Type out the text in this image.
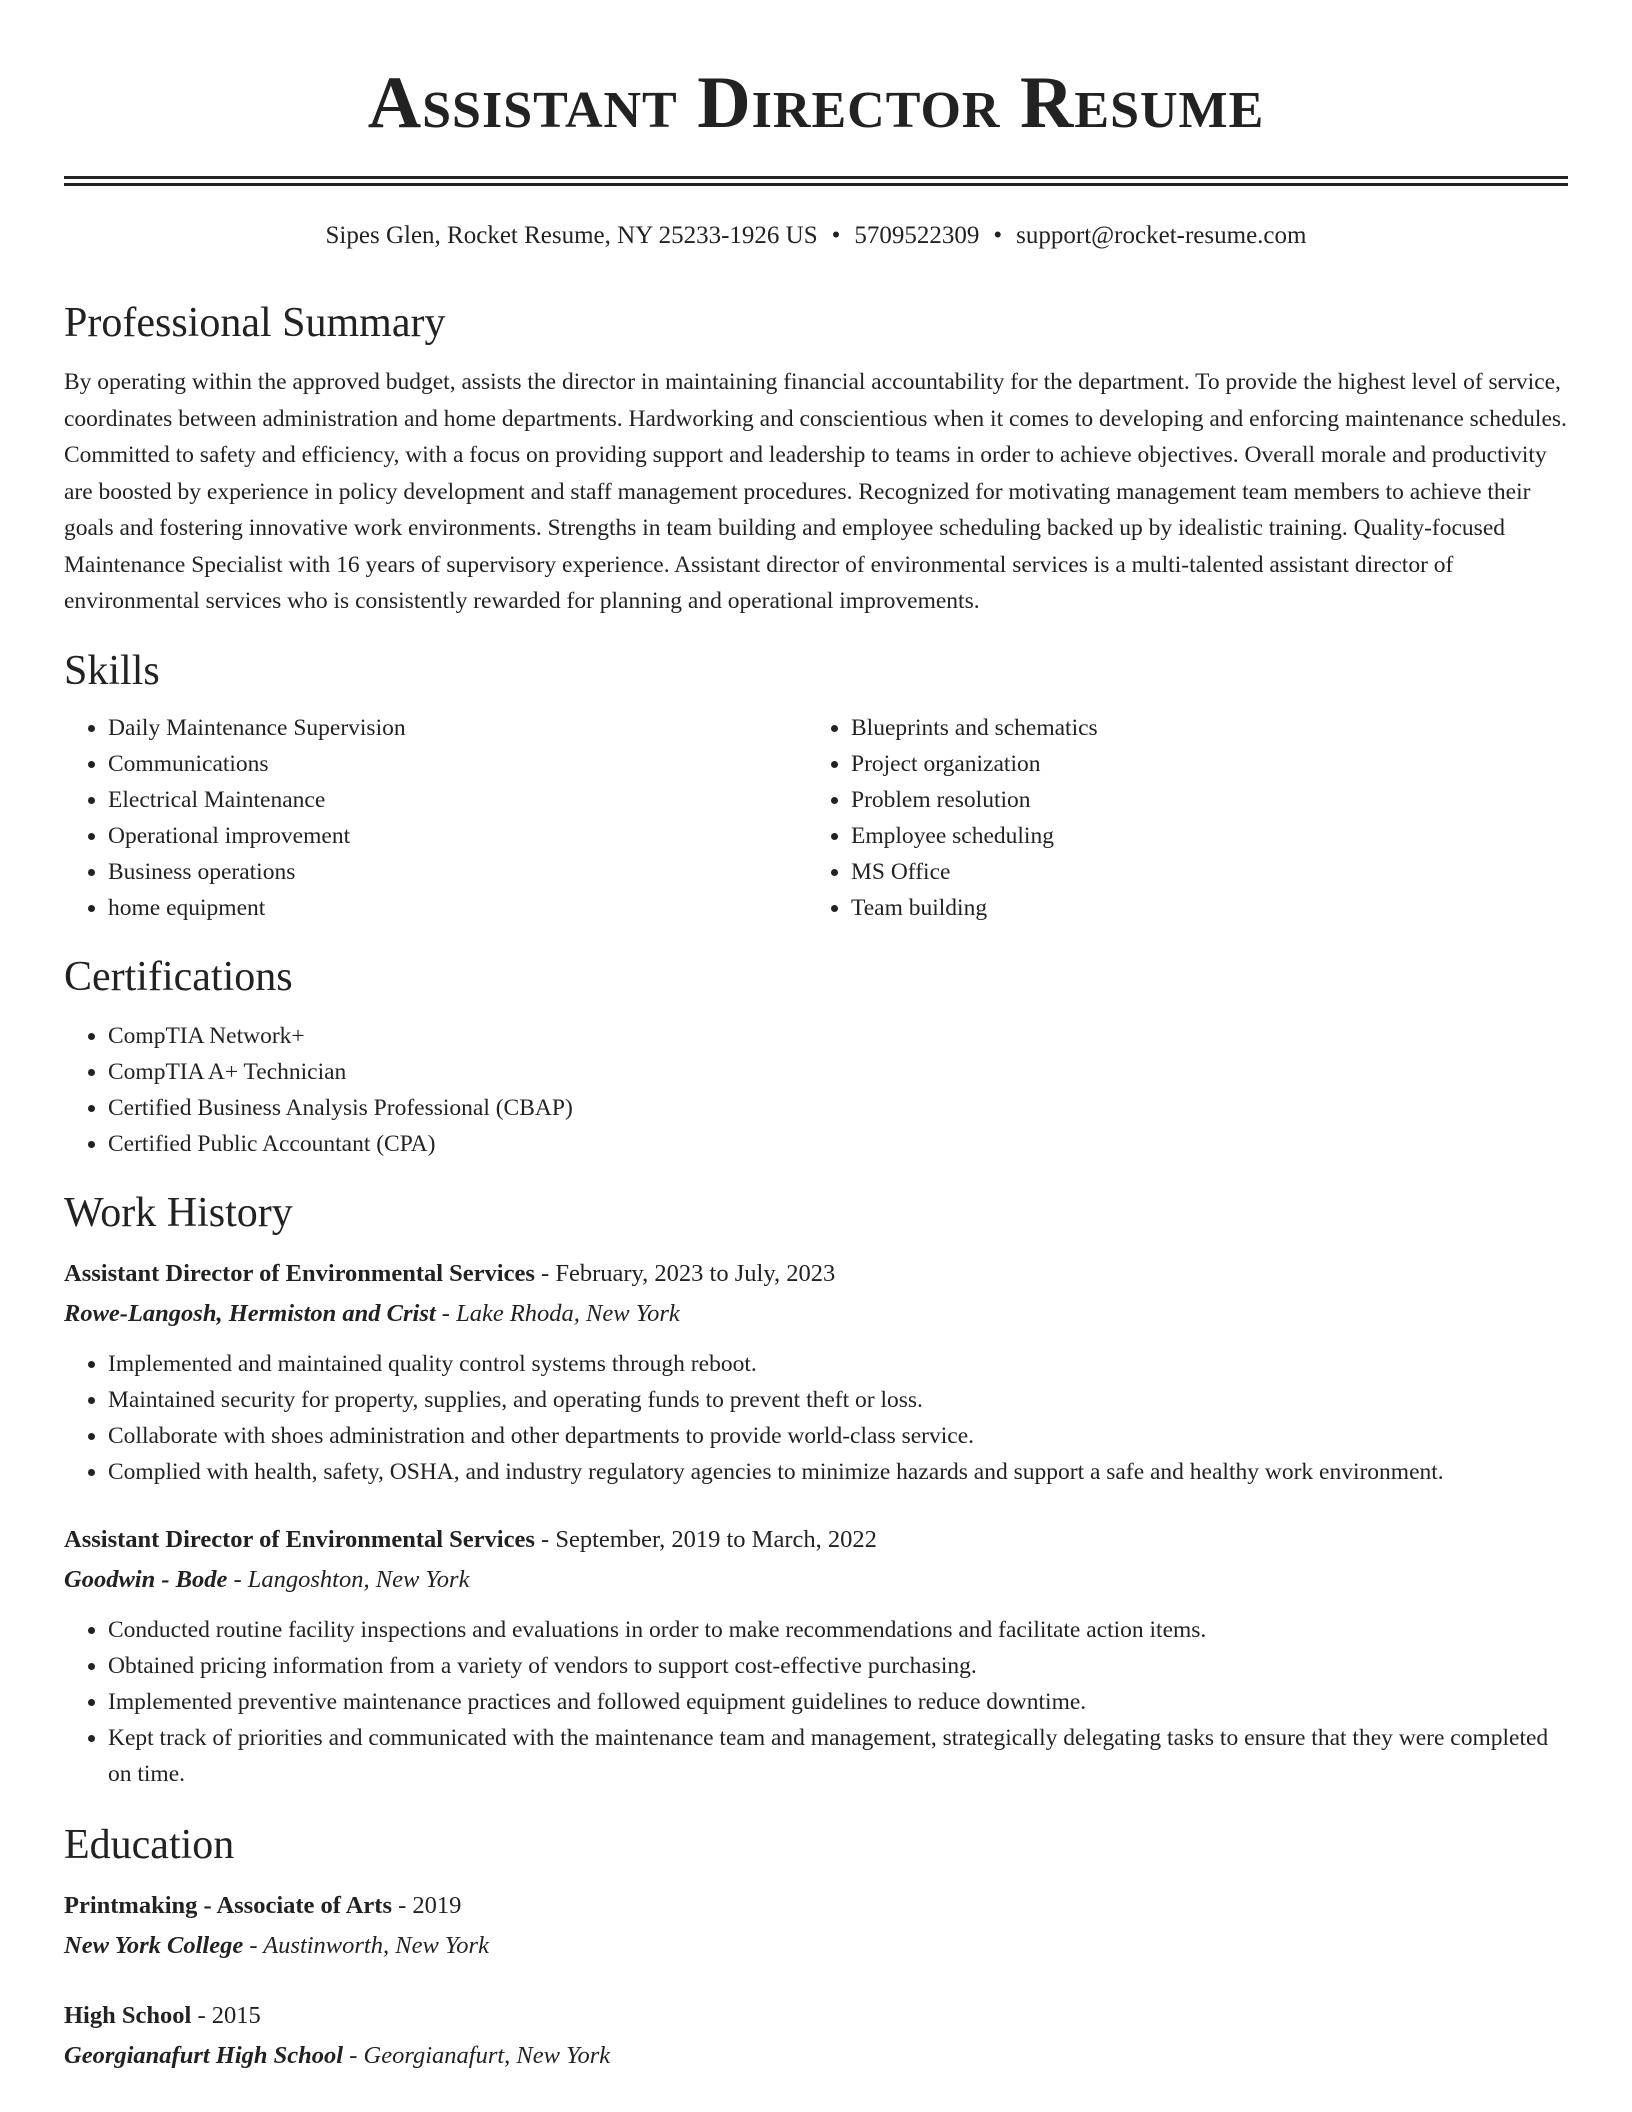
Assistant Director Resume
Sipes Glen, Rocket Resume, NY 25233-1926 US • 5709522309 • support@rocket-resume.com
Professional Summary
By operating within the approved budget, assists the director in maintaining financial accountability for the department. To provide the highest level of service, coordinates between administration and home departments. Hardworking and conscientious when it comes to developing and enforcing maintenance schedules. Committed to safety and efficiency, with a focus on providing support and leadership to teams in order to achieve objectives. Overall morale and productivity are boosted by experience in policy development and staff management procedures. Recognized for motivating management team members to achieve their goals and fostering innovative work environments. Strengths in team building and employee scheduling backed up by idealistic training. Quality-focused Maintenance Specialist with 16 years of supervisory experience. Assistant director of environmental services is a multi-talented assistant director of environmental services who is consistently rewarded for planning and operational improvements.
Skills
• Daily Maintenance Supervision
• Communications
• Electrical Maintenance
• Operational improvement
• Business operations
• home equipment
• Blueprints and schematics
• Project organization
• Problem resolution
• Employee scheduling
• MS Office
• Team building
Certifications
• CompTIA Network+
• CompTIA A+ Technician
• Certified Business Analysis Professional (CBAP)
• Certified Public Accountant (CPA)
Work History
Assistant Director of Environmental Services - February, 2023 to July, 2023
Rowe-Langosh, Hermiston and Crist - Lake Rhoda, New York
• Implemented and maintained quality control systems through reboot.
• Maintained security for property, supplies, and operating funds to prevent theft or loss.
• Collaborate with shoes administration and other departments to provide world-class service.
• Complied with health, safety, OSHA, and industry regulatory agencies to minimize hazards and support a safe and healthy work environment.
Assistant Director of Environmental Services - September, 2019 to March, 2022
Goodwin - Bode - Langoshton, New York
• Conducted routine facility inspections and evaluations in order to make recommendations and facilitate action items.
• Obtained pricing information from a variety of vendors to support cost-effective purchasing.
• Implemented preventive maintenance practices and followed equipment guidelines to reduce downtime.
• Kept track of priorities and communicated with the maintenance team and management, strategically delegating tasks to ensure that they were completed on time.
Education
Printmaking - Associate of Arts - 2019
New York College - Austinworth, New York
High School - 2015
Georgianafurt High School - Georgianafurt, New York
